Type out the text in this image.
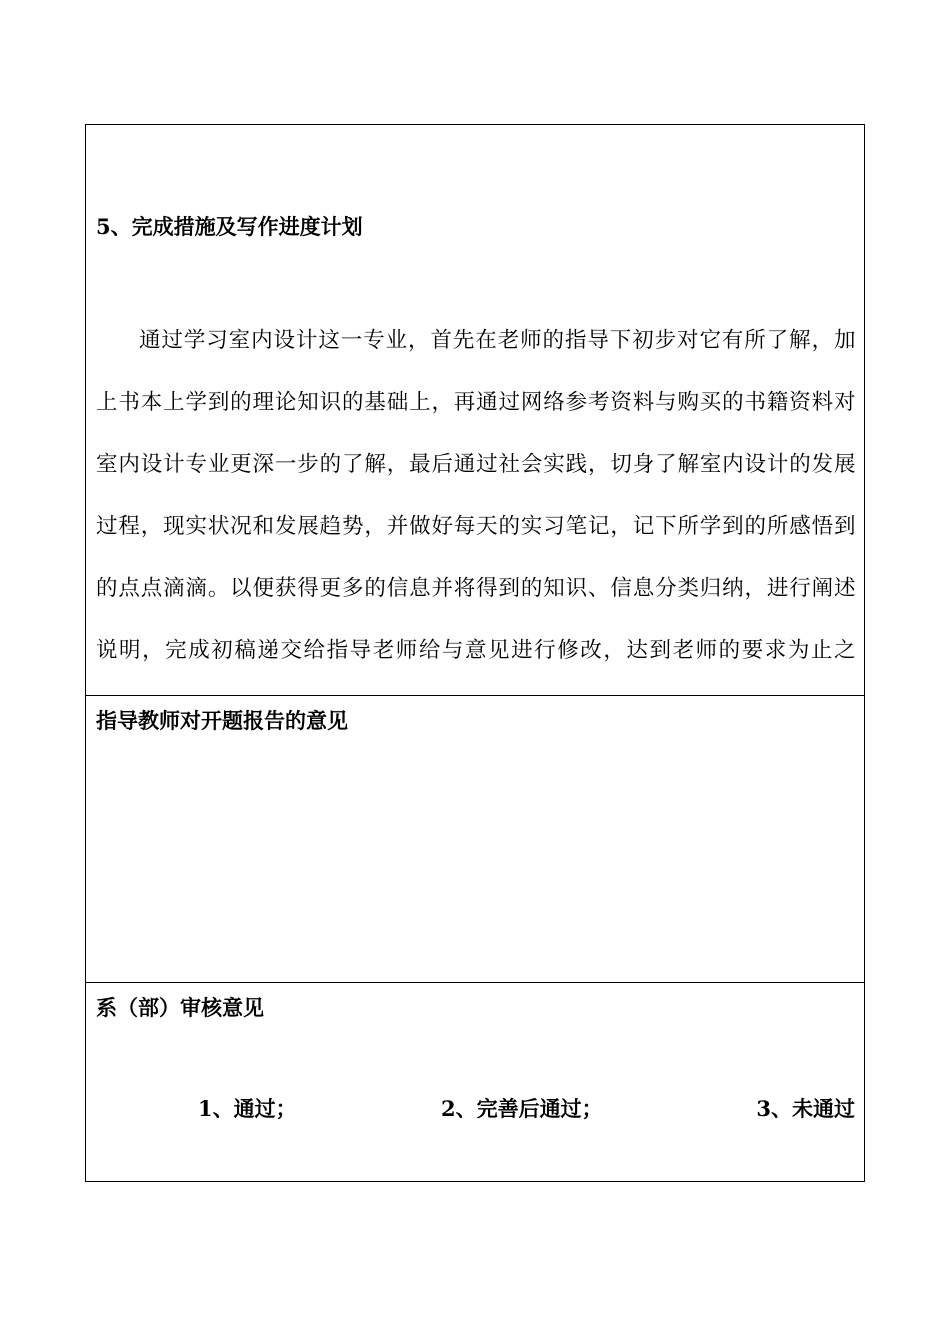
5、完成措施及写作进度计划
通过学习室内设计这一专业，首先在老师的指导下初步对它有所了解，加上书本上学到的理论知识的基础上，再通过网络参考资料与购买的书籍资料对室内设计专业更深一步的了解，最后通过社会实践，切身了解室内设计的发展过程，现实状况和发展趋势，并做好每天的实习笔记，记下所学到的所感悟到的点点滴滴。以便获得更多的信息并将得到的知识、信息分类归纳，进行阐述说明，完成初稿递交给指导老师给与意见进行修改，达到老师的要求为止之
指导教师对开题报告的意见
系（部）审核意见
1、通过；	2、完善后通过；	3、未通过
